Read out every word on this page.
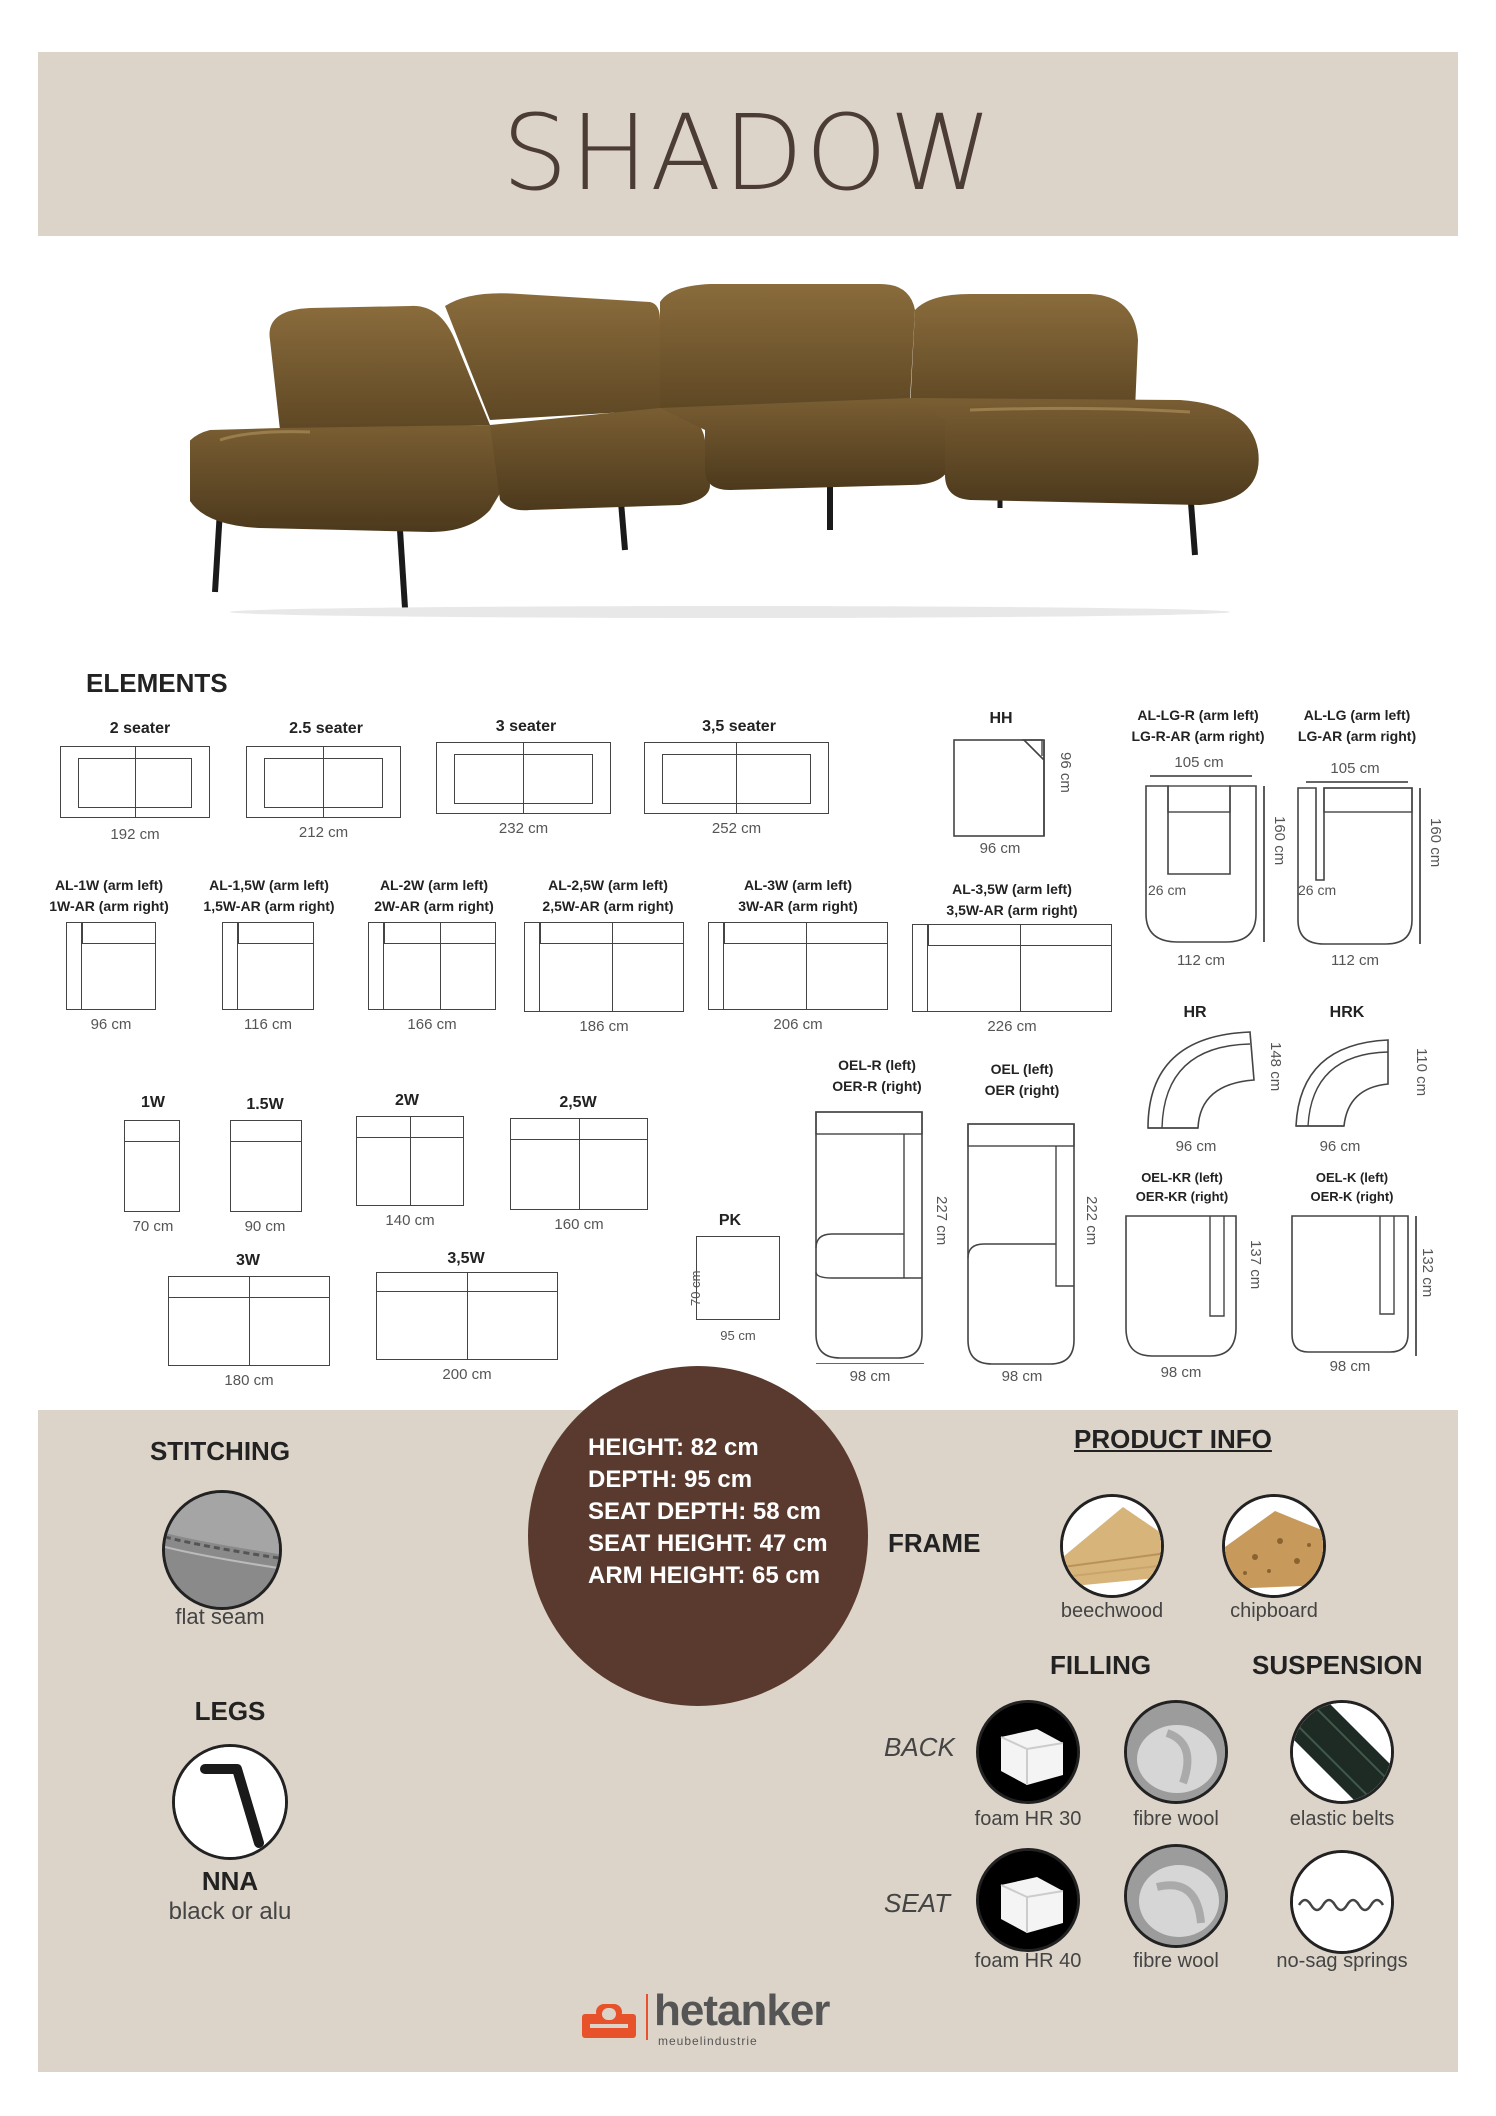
SHADOW
ELEMENTS
2 seater
192 cm
2.5 seater
212 cm
3 seater
232 cm
3,5 seater
252 cm
HH
96 cm
96 cm
AL-LG-R (arm left)
LG-R-AR (arm right)
105 cm
26 cm
160 cm
112 cm
AL-LG (arm left)
LG-AR (arm right)
105 cm
26 cm
160 cm
112 cm
AL-1W (arm left)
1W-AR (arm right)
96 cm
AL-1,5W (arm left)
1,5W-AR (arm right)
116 cm
AL-2W (arm left)
2W-AR (arm right)
166 cm
AL-2,5W (arm left)
2,5W-AR (arm right)
186 cm
AL-3W (arm left)
3W-AR (arm right)
206 cm
AL-3,5W (arm left)
3,5W-AR (arm right)
226 cm
HR
96 cm
148 cm
HRK
96 cm
110 cm
1W
70 cm
1.5W
90 cm
2W
140 cm
2,5W
160 cm
3W
180 cm
3,5W
200 cm
PK
95 cm
70 cm
OEL-R (left)
OER-R (right)
98 cm
227 cm
OEL (left)
OER (right)
98 cm
222 cm
OEL-KR (left)
OER-KR (right)
98 cm
137 cm
OEL-K (left)
OER-K (right)
98 cm
132 cm
HEIGHT: 82 cm
DEPTH: 95 cm
SEAT DEPTH: 58 cm
SEAT HEIGHT: 47 cm
ARM HEIGHT: 65 cm
STITCHING
flat seam
LEGS
NNA
black or alu
PRODUCT INFO
FRAME
beechwood	chipboard
FILLING	SUSPENSION
BACK
foam HR 30	fibre wool	elastic belts
SEAT
foam HR 40	fibre wool	no-sag springs
hetanker
meubelindustrie
